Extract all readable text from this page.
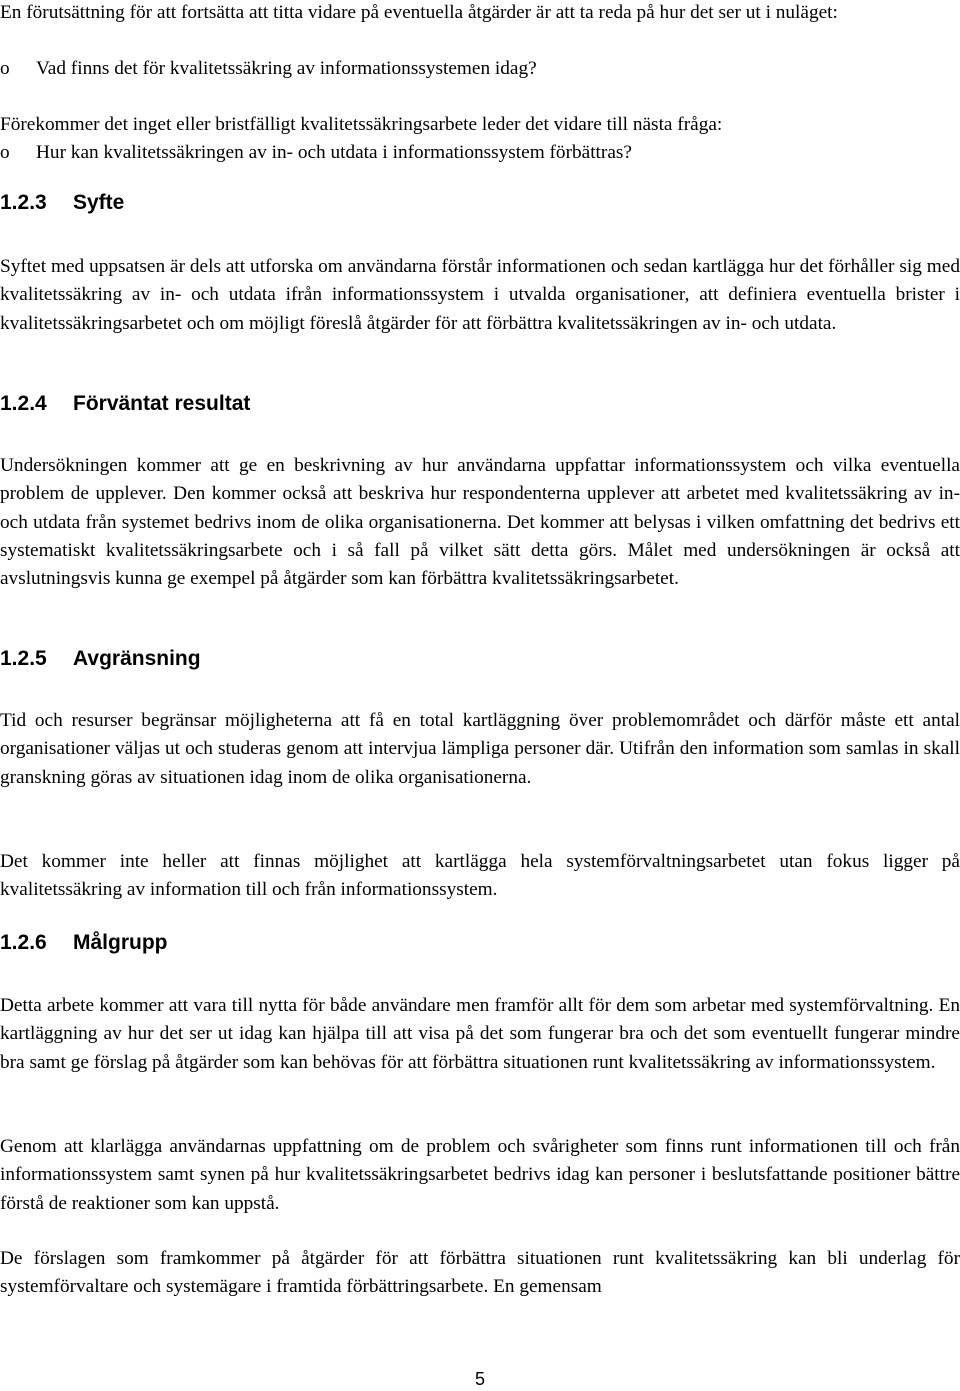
En förutsättning för att fortsätta att titta vidare på eventuella åtgärder är att ta reda på hur det ser ut i nuläget:

o Vad finns det för kvalitetssäkring av informationssystemen idag?

Förekommer det inget eller bristfälligt kvalitetssäkringsarbete leder det vidare till nästa fråga:

o Hur kan kvalitetssäkringen av in- och utdata i informationssystem förbättras?

1.2.3 Syfte

Syftet med uppsatsen är dels att utforska om användarna förstår informationen och sedan kartlägga hur det förhåller sig med kvalitetssäkring av in- och utdata ifrån informationssystem i utvalda organisationer, att definiera eventuella brister i kvalitetssäkringsarbetet och om möjligt föreslå åtgärder för att förbättra kvalitetssäkringen av in- och utdata.

1.2.4 Förväntat resultat

Undersökningen kommer att ge en beskrivning av hur användarna uppfattar informationssystem och vilka eventuella problem de upplever. Den kommer också att beskriva hur respondenterna upplever att arbetet med kvalitetssäkring av in- och utdata från systemet bedrivs inom de olika organisationerna. Det kommer att belysas i vilken omfattning det bedrivs ett systematiskt kvalitetssäkringsarbete och i så fall på vilket sätt detta görs. Målet med undersökningen är också att avslutningsvis kunna ge exempel på åtgärder som kan förbättra kvalitetssäkringsarbetet.

1.2.5 Avgränsning

Tid och resurser begränsar möjligheterna att få en total kartläggning över problemområdet och därför måste ett antal organisationer väljas ut och studeras genom att intervjua lämpliga personer där. Utifrån den information som samlas in skall granskning göras av situationen idag inom de olika organisationerna.

Det kommer inte heller att finnas möjlighet att kartlägga hela systemförvaltningsarbetet utan fokus ligger på kvalitetssäkring av information till och från informationssystem.

1.2.6 Målgrupp

Detta arbete kommer att vara till nytta för både användare men framför allt för dem som arbetar med systemförvaltning. En kartläggning av hur det ser ut idag kan hjälpa till att visa på det som fungerar bra och det som eventuellt fungerar mindre bra samt ge förslag på åtgärder som kan behövas för att förbättra situationen runt kvalitetssäkring av informationssystem.

Genom att klarlägga användarnas uppfattning om de problem och svårigheter som finns runt informationen till och från informationssystem samt synen på hur kvalitetssäkringsarbetet bedrivs idag kan personer i beslutsfattande positioner bättre förstå de reaktioner som kan uppstå.

De förslagen som framkommer på åtgärder för att förbättra situationen runt kvalitetssäkring kan bli underlag för systemförvaltare och systemägare i framtida förbättringsarbete. En gemensam

5
